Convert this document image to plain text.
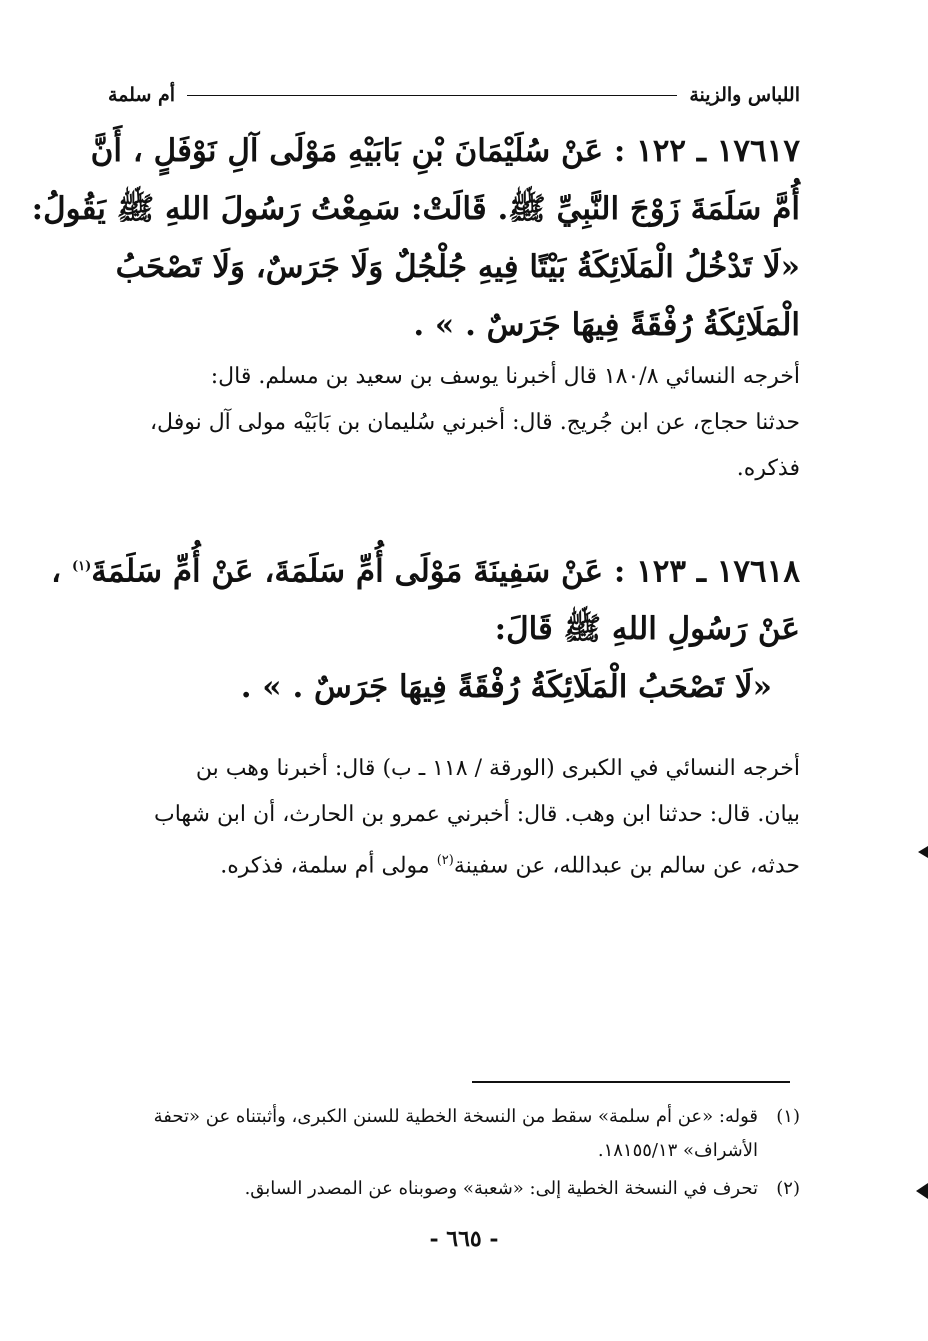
اللباس والزينة
أم سلمة
١٧٦١٧ ـ ١٢٢ : عَنْ سُلَيْمَانَ بْنِ بَابَيْهِ مَوْلَى آلِ نَوْفَلٍ ، أَنَّ
أُمَّ سَلَمَةَ زَوْجَ النَّبِيِّ ﷺ. قَالَتْ: سَمِعْتُ رَسُولَ اللهِ ﷺ يَقُولُ:
«لَا تَدْخُلُ الْمَلَائِكَةُ بَيْتًا فِيهِ جُلْجُلٌ وَلَا جَرَسٌ، وَلَا تَصْحَبُ
الْمَلَائِكَةُ رُفْقَةً فِيهَا جَرَسٌ . » .
أخرجه النسائي ١٨٠/٨ قال أخبرنا يوسف بن سعيد بن مسلم. قال:
حدثنا حجاج، عن ابن جُريج. قال: أخبرني سُليمان بن بَابَيْه مولى آل نوفل،
فذكره.
١٧٦١٨ ـ ١٢٣ : عَنْ سَفِينَةَ مَوْلَى أُمِّ سَلَمَةَ، عَنْ أُمِّ سَلَمَةَ$^{(١)}$ ،
عَنْ رَسُولِ اللهِ ﷺ قَالَ:
«لَا تَصْحَبُ الْمَلَائِكَةُ رُفْقَةً فِيهَا جَرَسٌ . » .
أخرجه النسائي في الكبرى (الورقة / ١١٨ ـ ب) قال: أخبرنا وهب بن
بيان. قال: حدثنا ابن وهب. قال: أخبرني عمرو بن الحارث، أن ابن شهاب
حدثه، عن سالم بن عبدالله، عن سفينة$^{(٢)}$ مولى أم سلمة، فذكره.
(١)
قوله: «عن أم سلمة» سقط من النسخة الخطية للسنن الكبرى، وأثبتناه عن «تحفة
الأشراف» ١٨١٥٥/١٣.
(٢)
تحرف في النسخة الخطية إلى: «شعبة» وصوبناه عن المصدر السابق.
- ٦٦٥ -
